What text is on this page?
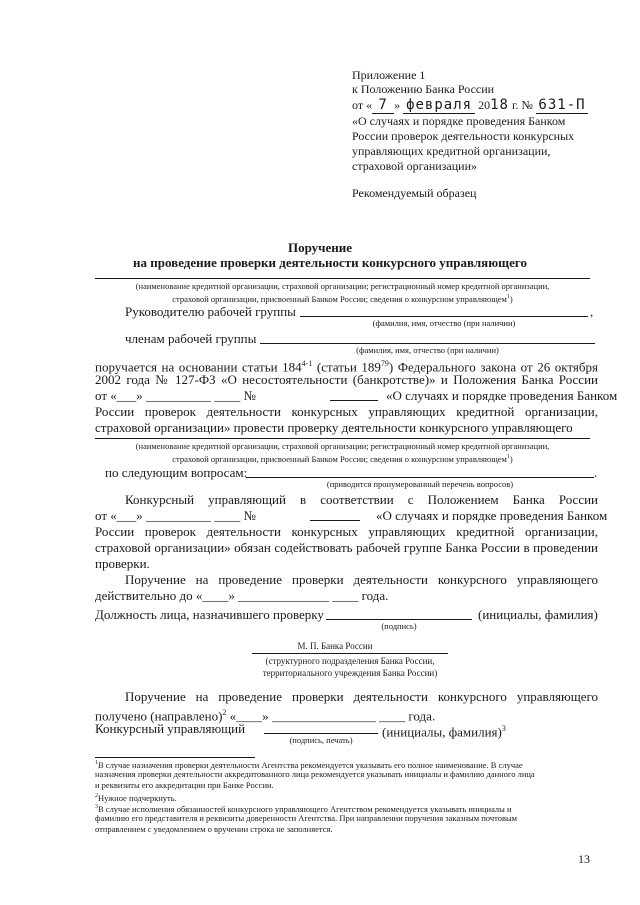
Приложение 1
к Положению Банка России
от « 7 » февраля 2018 г. № 631-П
«О случаях и порядке проведения Банком
России проверок деятельности конкурсных
управляющих кредитной организации,
страховой организации»
Рекомендуемый образец
Поручение
на проведение проверки деятельности конкурсного управляющего
(наименование кредитной организации, страховой организации; регистрационный номер кредитной организации,
страховой организации, присвоенный Банком России; сведения о конкурсном управляющем$^1$)
Руководителю рабочей группы	,
(фамилия, имя, отчество (при наличии)
членам рабочей группы
(фамилия, имя, отчество (при наличии)
поручается на основании статьи 184$^{4-1}$ (статьи $189^{79}$) Федерального закона от 26 октября
2002 года № 127-ФЗ «О несостоятельности (банкротстве)» и Положения Банка России
от «___» __________ ____ №	«О случаях и порядке проведения Банком
России проверок деятельности конкурсных управляющих кредитной организации,
страховой организации» провести проверку деятельности конкурсного управляющего
(наименование кредитной организации, страховой организации; регистрационный номер кредитной организации,
страховой организации, присвоенный Банком России; сведения о конкурсном управляющем$^1$)
по следующим вопросам:	.
(приводится пронумерованный перечень вопросов)
Конкурсный управляющий в соответствии с Положением Банка России
от «___» __________ ____ №	«О случаях и порядке проведения Банком
России проверок деятельности конкурсных управляющих кредитной организации,
страховой организации» обязан содействовать рабочей группе Банка России в проведении
проверки.
Поручение на проведение проверки деятельности конкурсного управляющего
действительно до «____» ______________ ____ года.
Должность лица, назначившего проверку	(инициалы, фамилия)
(подпись)
М. П. Банка России
(структурного подразделения Банка России,
территориального учреждения Банка России)
Поручение на проведение проверки деятельности конкурсного управляющего
получено (направлено)$^2$ «____» ________________ ____ года.
Конкурсный управляющий	(инициалы, фамилия)$^3$
(подпись, печать)
$^1$В случае назначения проверки деятельности Агентства рекомендуется указывать его полное наименование. В случае
назначения проверки деятельности аккредитованного лица рекомендуется указывать инициалы и фамилию данного лица
и реквизиты его аккредитации при Банке России.
$^2$Нужное подчеркнуть.
$^3$В случае исполнения обязанностей конкурсного управляющего Агентством рекомендуется указывать инициалы и
фамилию его представителя и реквизиты доверенности Агентства. При направлении поручения заказным почтовым
отправлением с уведомлением о вручении строка не заполняется.
13
